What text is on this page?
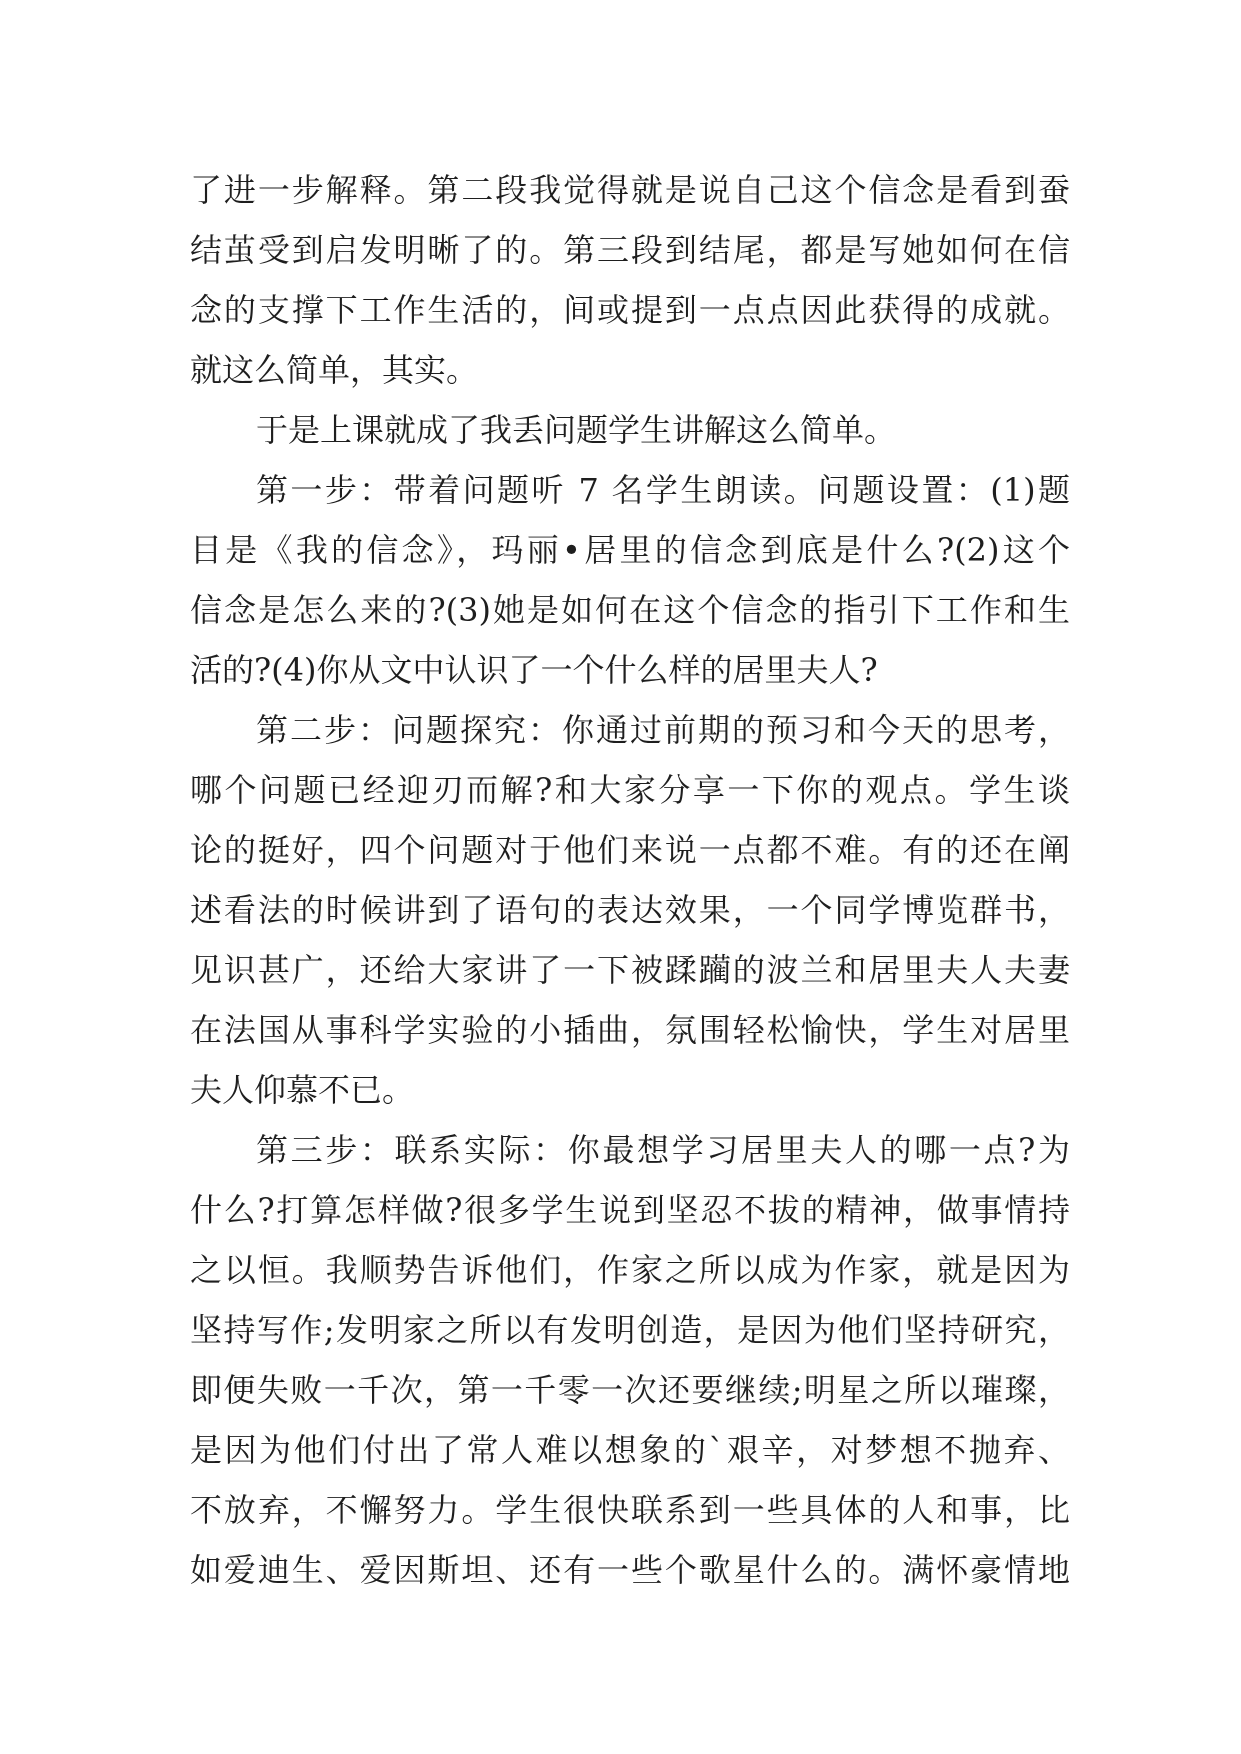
了进一步解释。第二段我觉得就是说自己这个信念是看到蚕
结茧受到启发明晰了的。第三段到结尾，都是写她如何在信
念的支撑下工作生活的，间或提到一点点因此获得的成就。
就这么简单，其实。
于是上课就成了我丢问题学生讲解这么简单。
第一步：带着问题听 7 名学生朗读。问题设置：(1)题
目是《我的信念》，玛丽•居里的信念到底是什么?(2)这个
信念是怎么来的?(3)她是如何在这个信念的指引下工作和生
活的?(4)你从文中认识了一个什么样的居里夫人?
第二步：问题探究：你通过前期的预习和今天的思考，
哪个问题已经迎刃而解?和大家分享一下你的观点。学生谈
论的挺好，四个问题对于他们来说一点都不难。有的还在阐
述看法的时候讲到了语句的表达效果，一个同学博览群书，
见识甚广，还给大家讲了一下被蹂躏的波兰和居里夫人夫妻
在法国从事科学实验的小插曲，氛围轻松愉快，学生对居里
夫人仰慕不已。
第三步：联系实际：你最想学习居里夫人的哪一点?为
什么?打算怎样做?很多学生说到坚忍不拔的精神，做事情持
之以恒。我顺势告诉他们，作家之所以成为作家，就是因为
坚持写作;发明家之所以有发明创造，是因为他们坚持研究，
即便失败一千次，第一千零一次还要继续;明星之所以璀璨，
是因为他们付出了常人难以想象的`艰辛，对梦想不抛弃、
不放弃，不懈努力。学生很快联系到一些具体的人和事，比
如爱迪生、爱因斯坦、还有一些个歌星什么的。满怀豪情地
